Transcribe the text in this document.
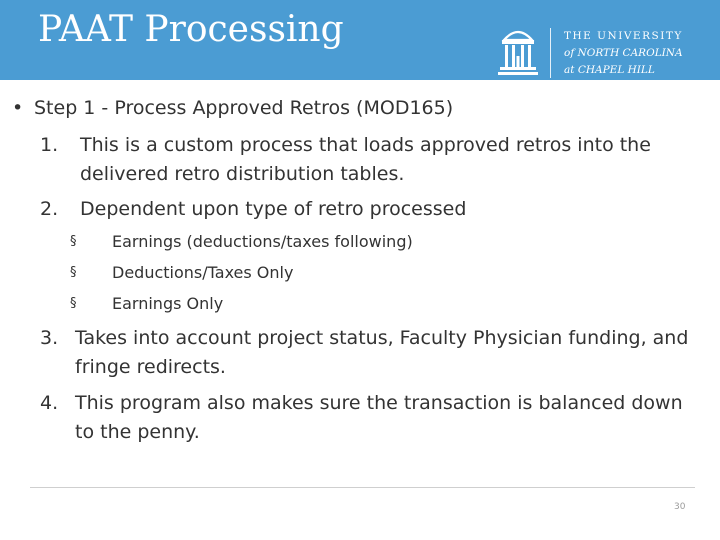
PAAT Processing	THE UNIVERSITY
of NORTH CAROLINA
at CHAPEL HILL
• Step 1 - Process Approved Retros (MOD165)
1. This is a custom process that loads approved retros into the
delivered retro distribution tables.
2. Dependent upon type of retro processed
§ Earnings (deductions/taxes following)
§ Deductions/Taxes Only
§ Earnings Only
3. Takes into account project status, Faculty Physician funding, and
fringe redirects.
4. This program also makes sure the transaction is balanced down
to the penny.
30
